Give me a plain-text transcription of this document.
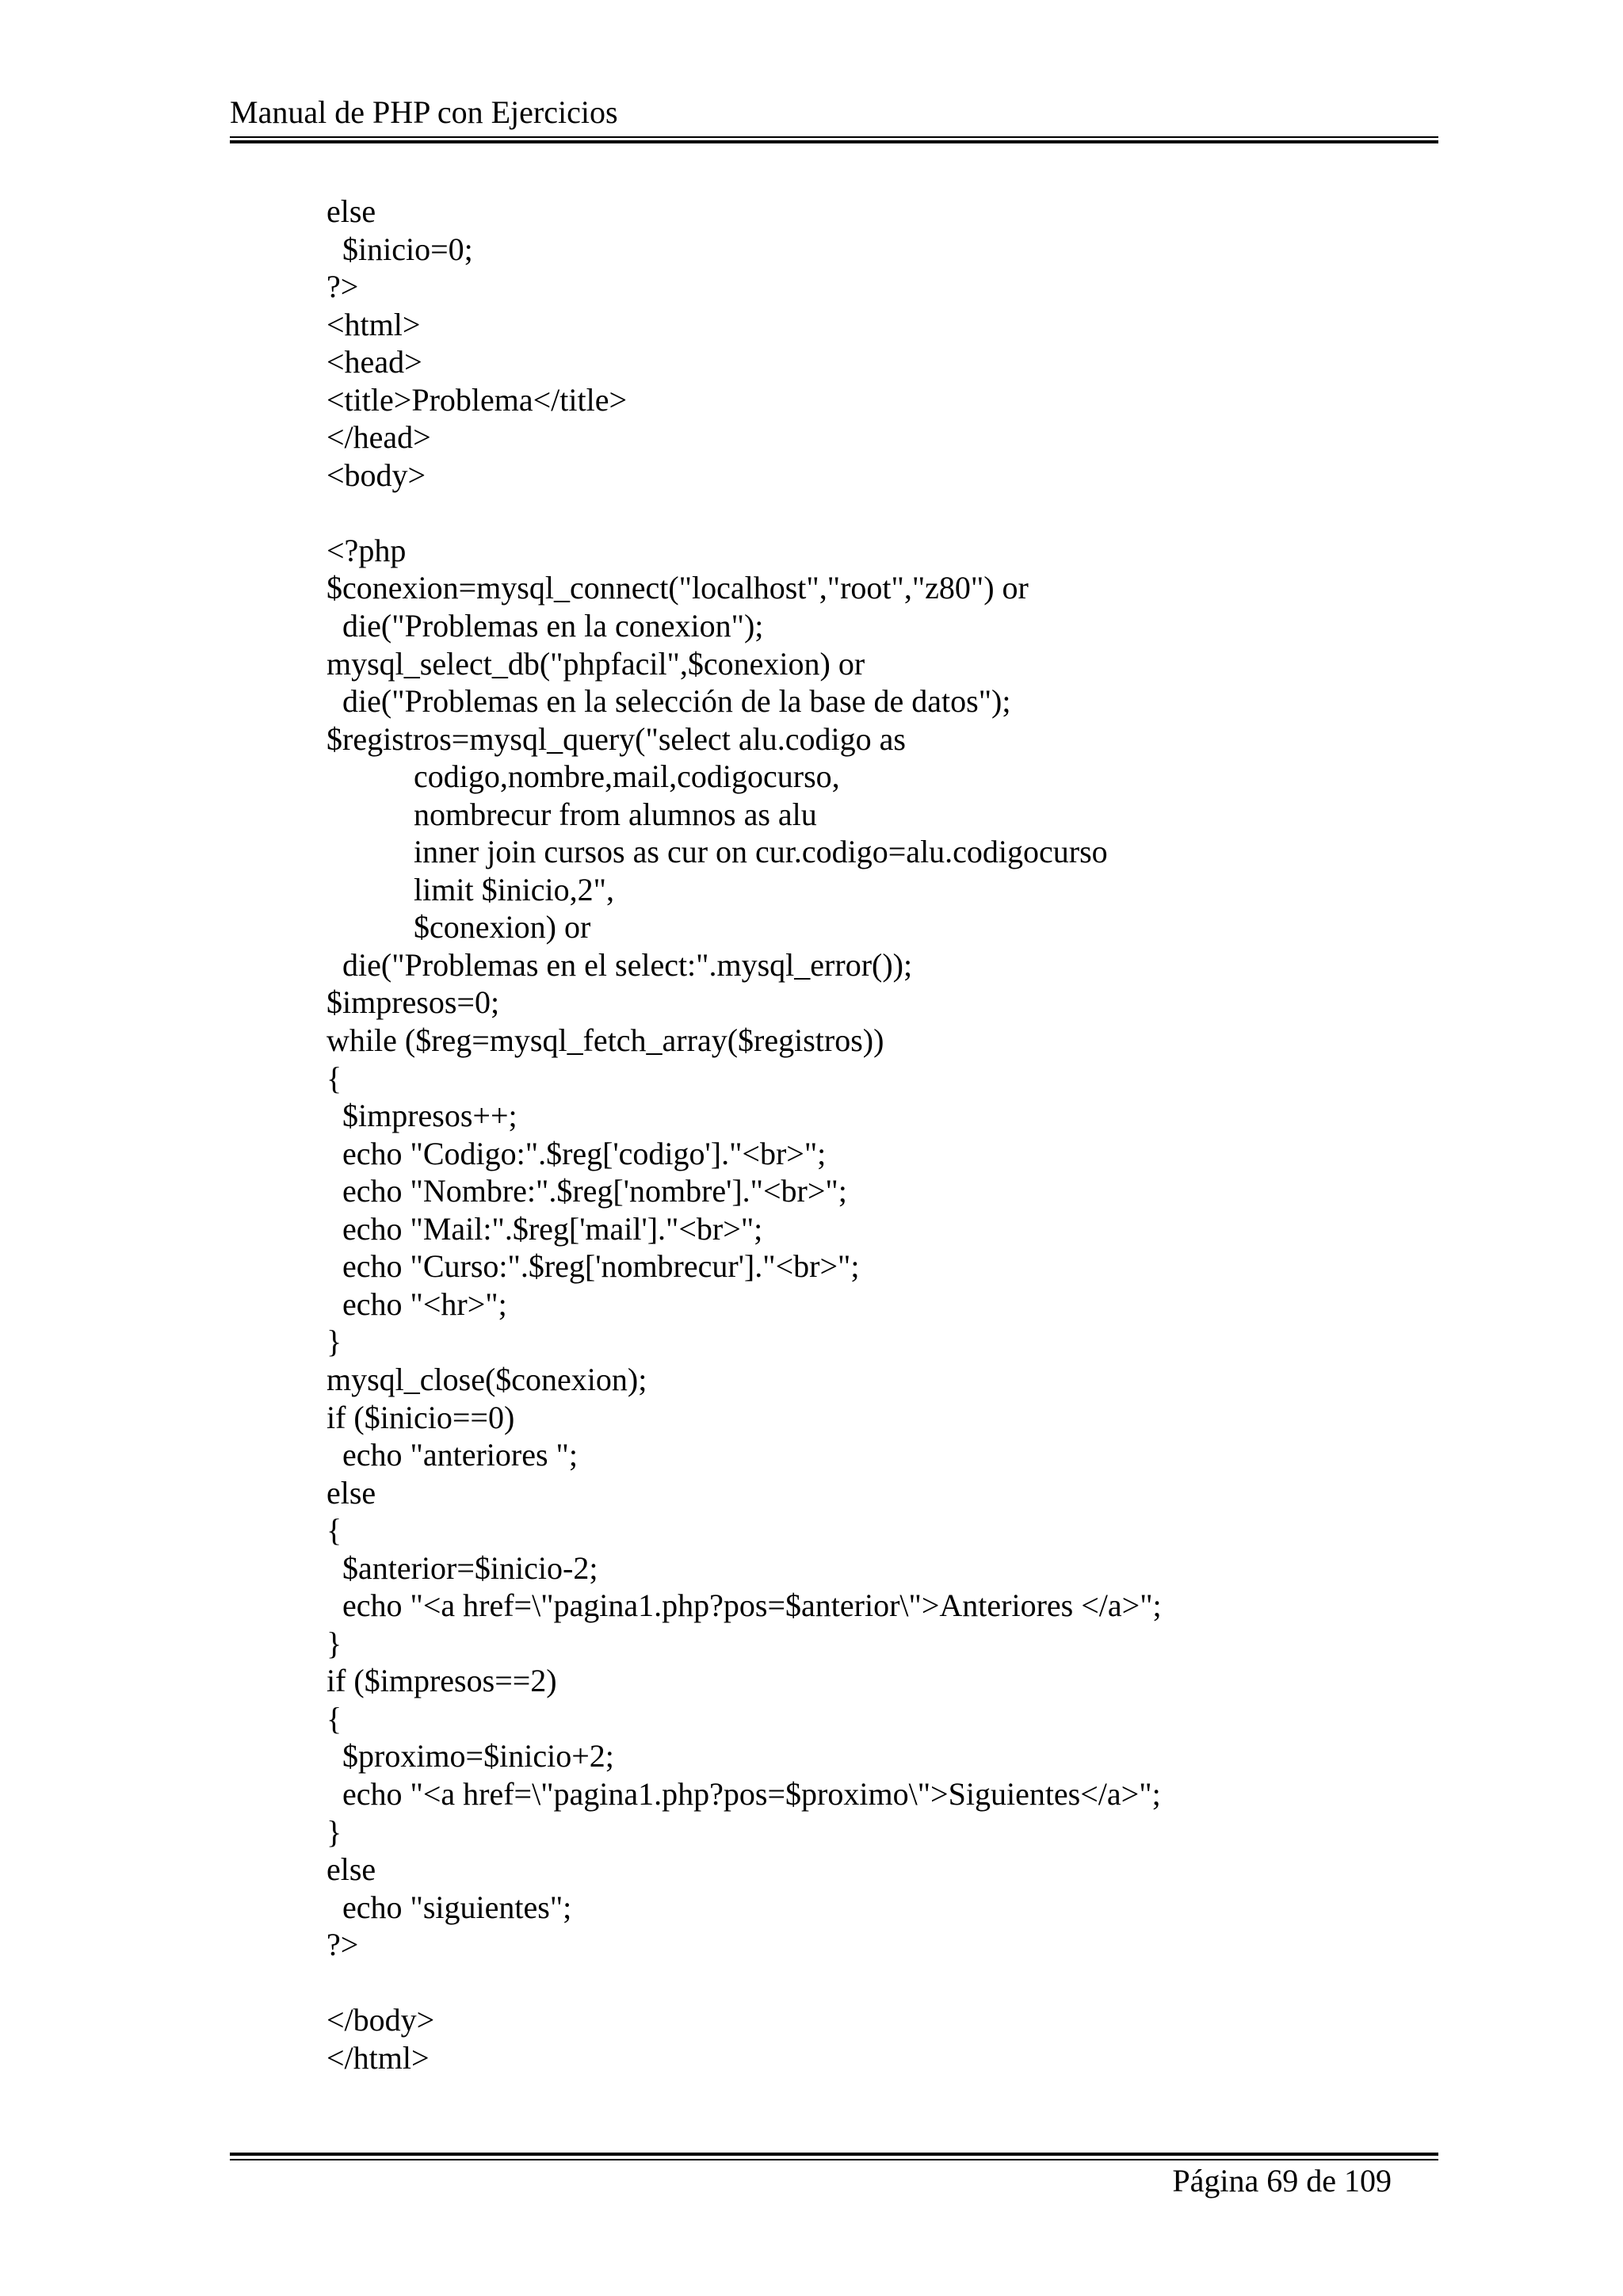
Manual de PHP con Ejercicios
else
$inicio=0;
?>
<html>
<head>
<title>Problema</title>
</head>
<body>
<?php
$conexion=mysql_connect("localhost","root","z80") or
die("Problemas en la conexion");
mysql_select_db("phpfacil",$conexion) or
die("Problemas en la selección de la base de datos");
$registros=mysql_query("select alu.codigo as
codigo,nombre,mail,codigocurso,
nombrecur from alumnos as alu
inner join cursos as cur on cur.codigo=alu.codigocurso
limit $inicio,2",
$conexion) or
die("Problemas en el select:".mysql_error());
$impresos=0;
while ($reg=mysql_fetch_array($registros))
{
$impresos++;
echo "Codigo:".$reg['codigo']."<br>";
echo "Nombre:".$reg['nombre']."<br>";
echo "Mail:".$reg['mail']."<br>";
echo "Curso:".$reg['nombrecur']."<br>";
echo "<hr>";
}
mysql_close($conexion);
if ($inicio==0)
echo "anteriores ";
else
{
$anterior=$inicio-2;
echo "<a href=\"pagina1.php?pos=$anterior\">Anteriores </a>";
}
if ($impresos==2)
{
$proximo=$inicio+2;
echo "<a href=\"pagina1.php?pos=$proximo\">Siguientes</a>";
}
else
echo "siguientes";
?>
</body>
</html>
Página 69 de 109
